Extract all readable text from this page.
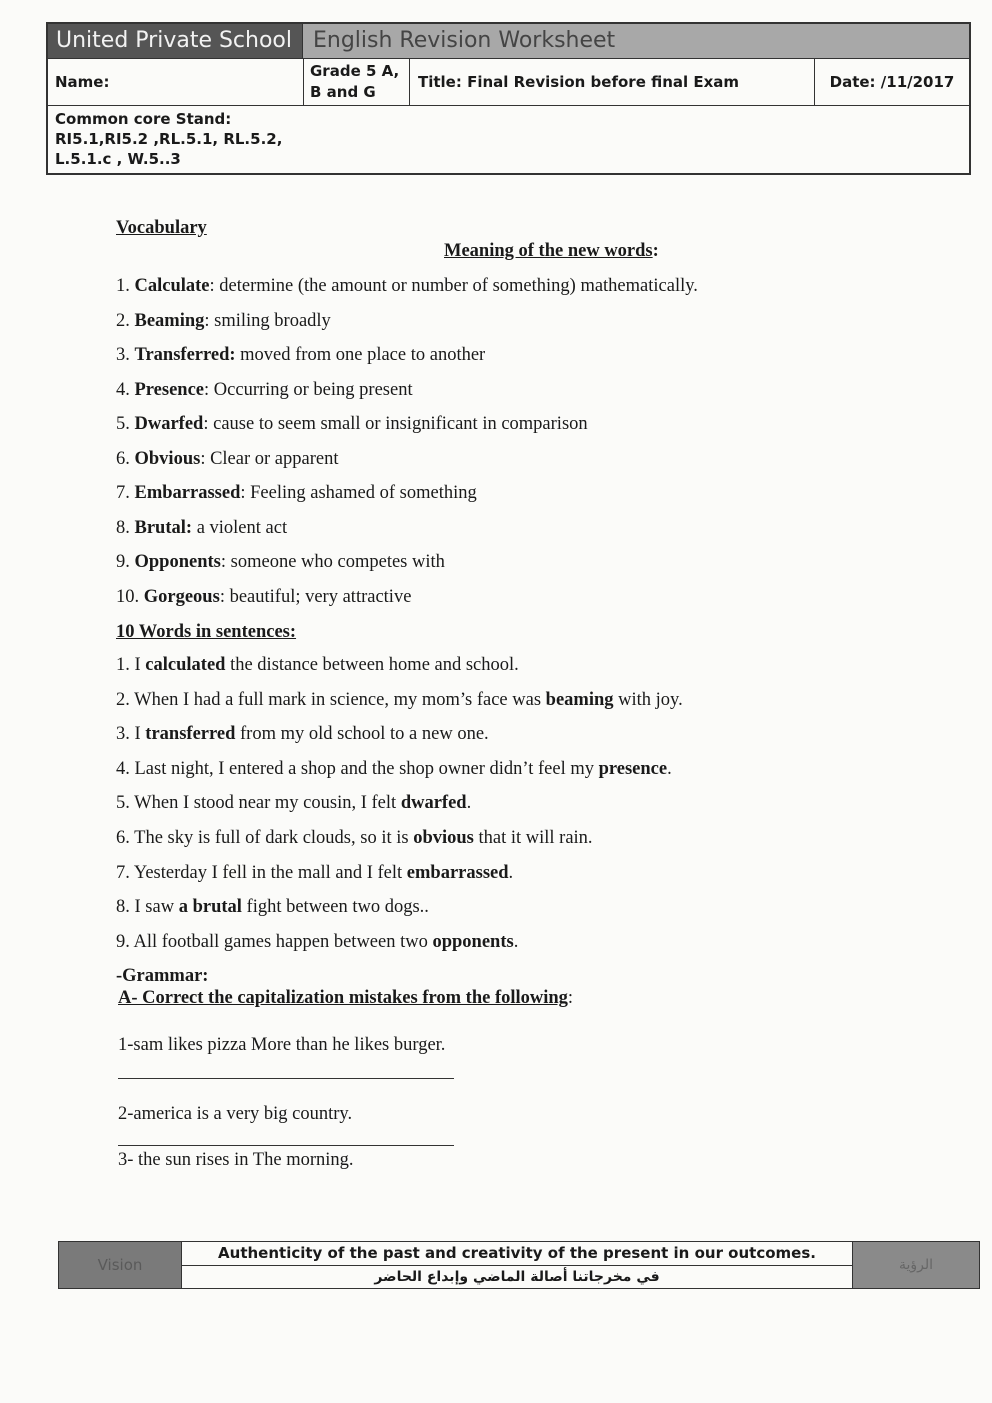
United Private School English Revision Worksheet
Name:
Grade 5 A,
B and G
Title: Final Revision before final Exam	Date: /11/2017
Common core Stand:
RI5.1,RI5.2 ,RL.5.1, RL.5.2,
L.5.1.c , W.5..3
Vocabulary
Meaning of the new words:
1. Calculate: determine (the amount or number of something) mathematically.
2. Beaming: smiling broadly
3. Transferred: moved from one place to another
4. Presence: Occurring or being present
5. Dwarfed: cause to seem small or insignificant in comparison
6. Obvious: Clear or apparent
7. Embarrassed: Feeling ashamed of something
8. Brutal: a violent act
9. Opponents: someone who competes with
10. Gorgeous: beautiful; very attractive
10 Words in sentences:
1. I calculated the distance between home and school.
2. When I had a full mark in science, my mom’s face was beaming with joy.
3. I transferred from my old school to a new one.
4. Last night, I entered a shop and the shop owner didn’t feel my presence.
5. When I stood near my cousin, I felt dwarfed.
6. The sky is full of dark clouds, so it is obvious that it will rain.
7. Yesterday I fell in the mall and I felt embarrassed.
8. I saw a brutal fight between two dogs..
9. All football games happen between two opponents.
-Grammar:
A- Correct the capitalization mistakes from the following:
1-sam likes pizza More than he likes burger.
2-america is a very big country.
3- the sun rises in The morning.
Vision
Authenticity of the past and creativity of the present in our outcomes.
في مخرجاتنا أصالة الماضي وإبداع الحاضر
الرؤية
